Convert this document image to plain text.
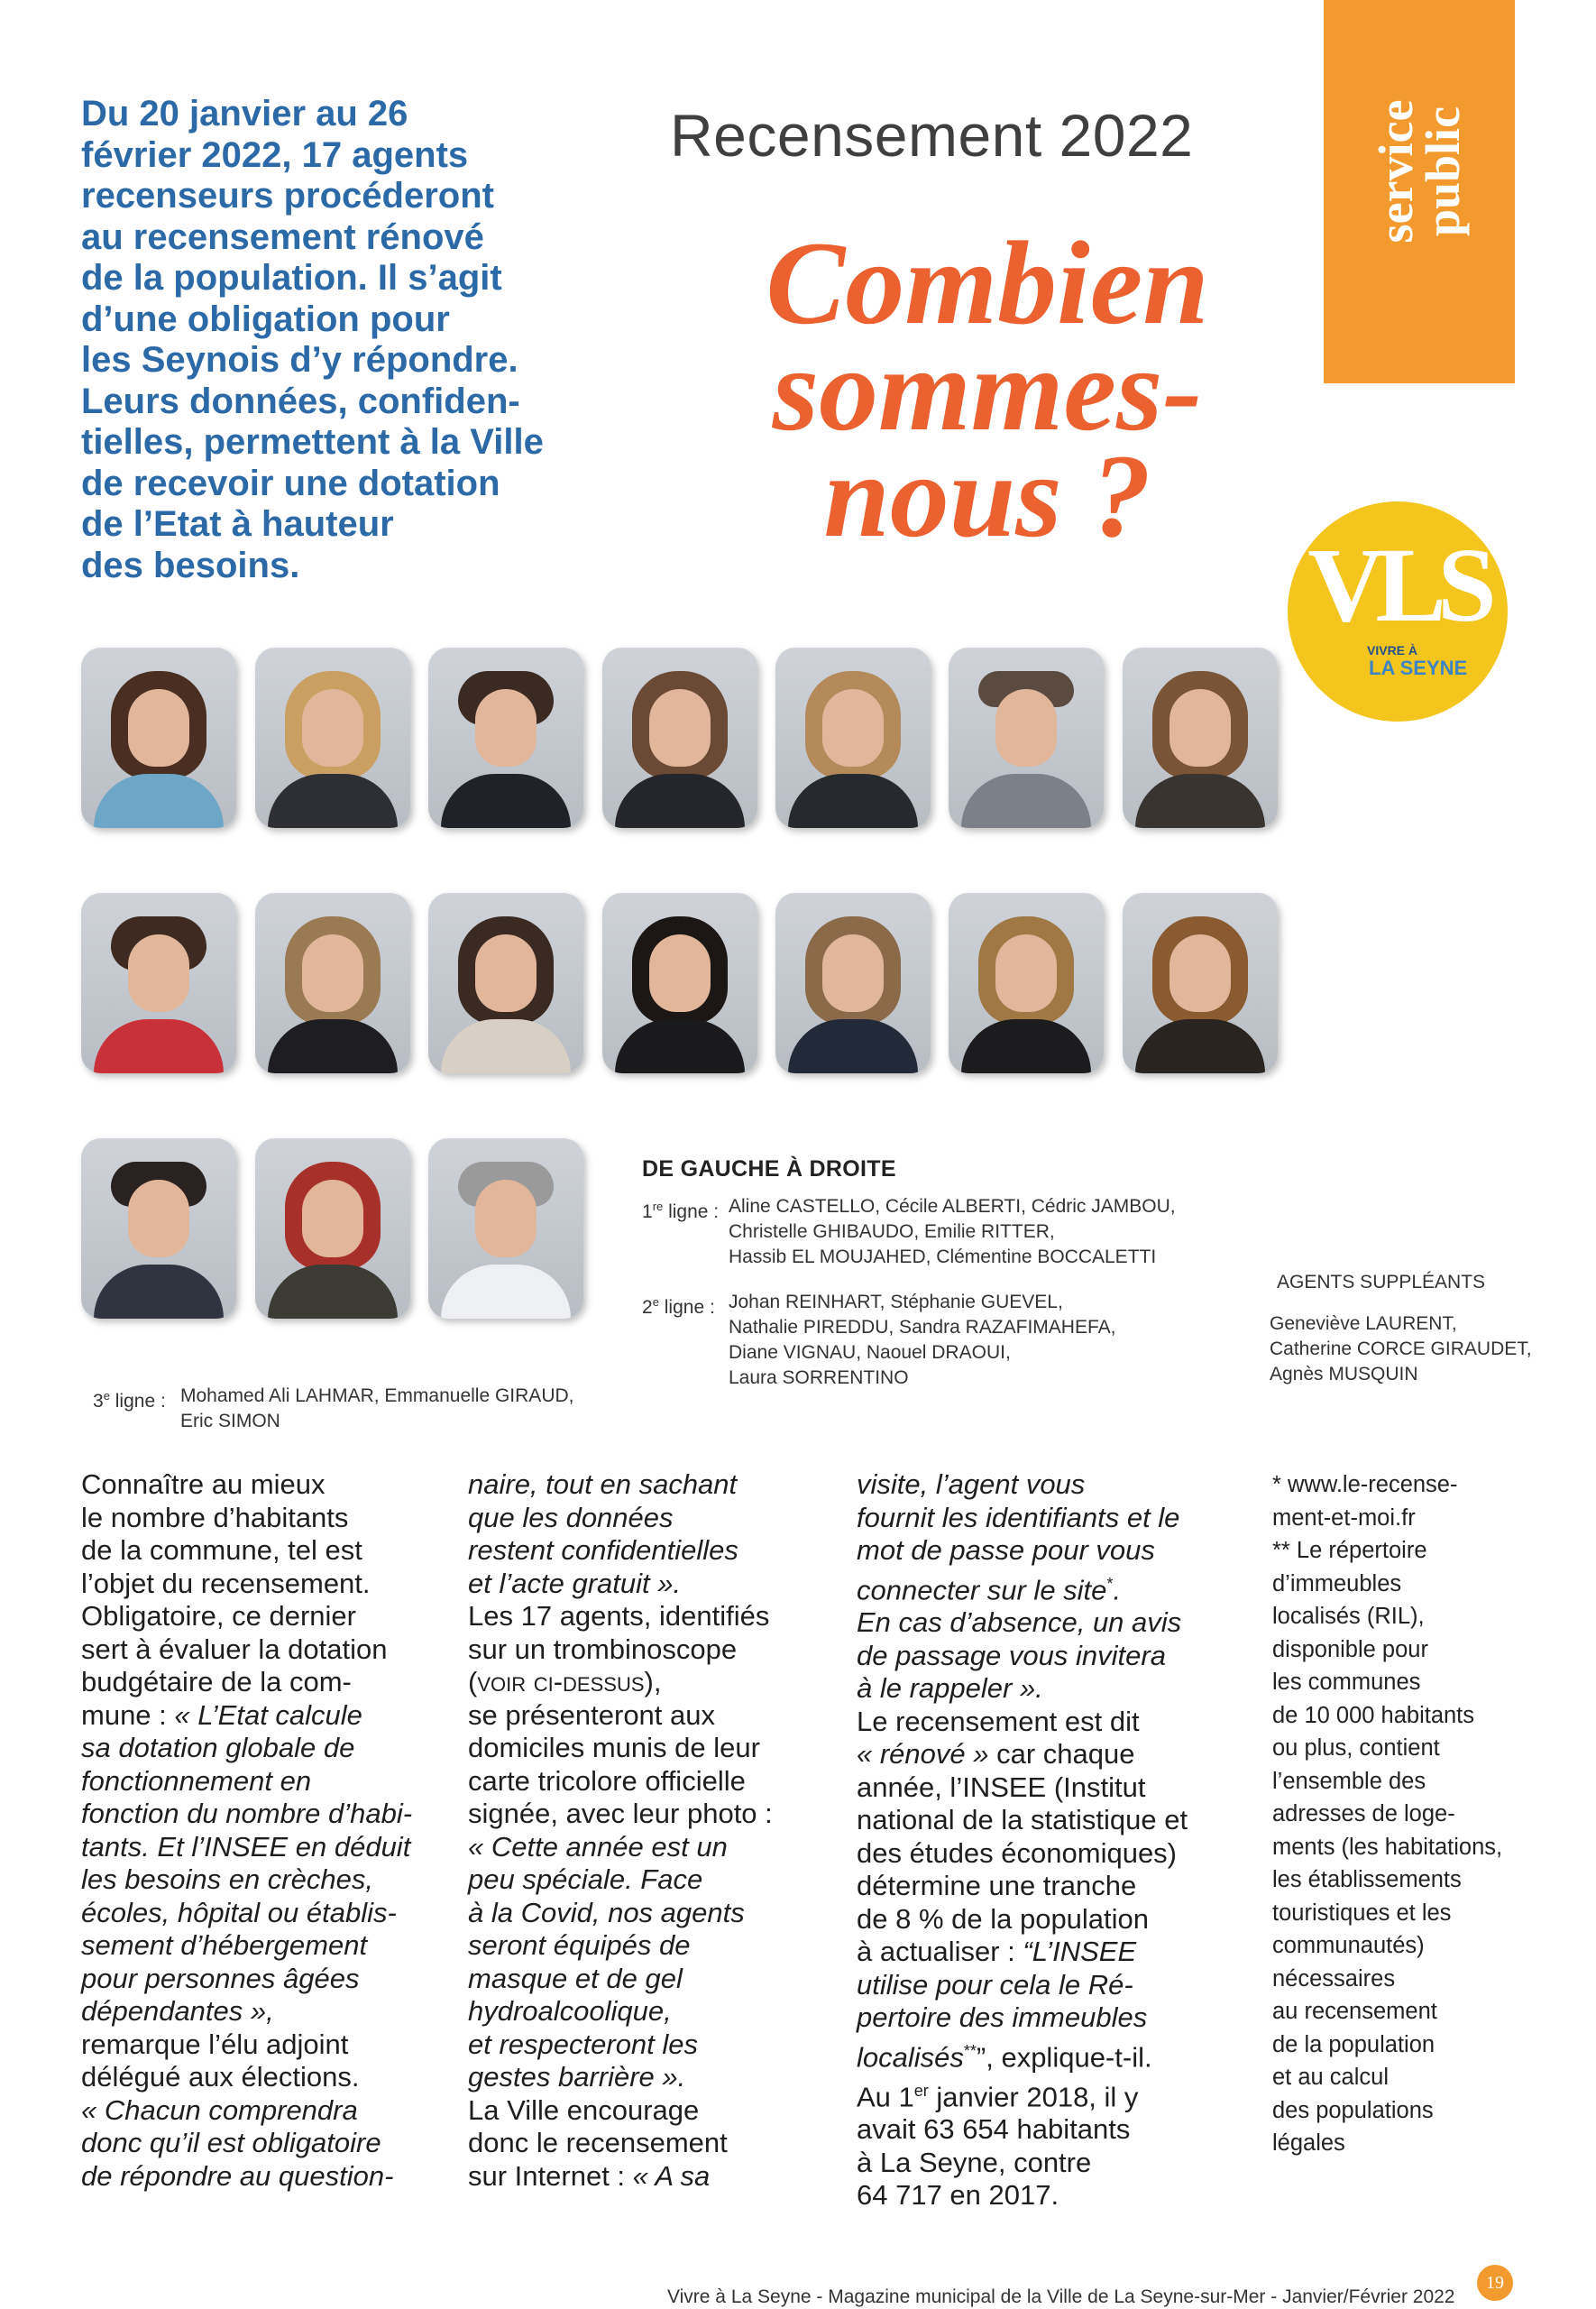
service
public
Du 20 janvier au 26
février 2022, 17 agents
recenseurs procéderont
au recensement rénové
de la population. Il s’agit
d’une obligation pour
les Seynois d’y répondre.
Leurs données, confiden-
tielles, permettent à la Ville
de recevoir une dotation
de l’Etat à hauteur
des besoins.
Recensement 2022
Combien
sommes-
nous ?
VLS
VIVRE À
LA SEYNE
DE GAUCHE À DROITE
1re ligne : Aline CASTELLO, Cécile ALBERTI, Cédric JAMBOU,
Christelle GHIBAUDO, Emilie RITTER,
Hassib EL MOUJAHED, Clémentine BOCCALETTI
2e ligne : Johan REINHART, Stéphanie GUEVEL,
Nathalie PIREDDU, Sandra RAZAFIMAHEFA,
Diane VIGNAU, Naouel DRAOUI,
Laura SORRENTINO
3e ligne : Mohamed Ali LAHMAR, Emmanuelle GIRAUD,
Eric SIMON
AGENTS SUPPLÉANTS
Geneviève LAURENT,
Catherine CORCE GIRAUDET,
Agnès MUSQUIN
Connaître au mieux
le nombre d’habitants
de la commune, tel est
l’objet du recensement.
Obligatoire, ce dernier
sert à évaluer la dotation
budgétaire de la com-
mune : « L’Etat calcule
sa dotation globale de
fonctionnement en
fonction du nombre d’habi-
tants. Et l’INSEE en déduit
les besoins en crèches,
écoles, hôpital ou établis-
sement d’hébergement
pour personnes âgées
dépendantes »,
remarque l’élu adjoint
délégué aux élections.
« Chacun comprendra
donc qu’il est obligatoire
de répondre au question-
naire, tout en sachant
que les données
restent confidentielles
et l’acte gratuit ».
Les 17 agents, identifiés
sur un trombinoscope
(voir ci-dessus),
se présenteront aux
domiciles munis de leur
carte tricolore officielle
signée, avec leur photo :
« Cette année est un
peu spéciale. Face
à la Covid, nos agents
seront équipés de
masque et de gel
hydroalcoolique,
et respecteront les
gestes barrière ».
La Ville encourage
donc le recensement
sur Internet : « A sa
visite, l’agent vous
fournit les identifiants et le
mot de passe pour vous
connecter sur le site*.
En cas d’absence, un avis
de passage vous invitera
à le rappeler ».
Le recensement est dit
« rénové » car chaque
année, l’INSEE (Institut
national de la statistique et
des études économiques)
détermine une tranche
de 8 % de la population
à actualiser : “L’INSEE
utilise pour cela le Ré-
pertoire des immeubles
localisés**”, explique-t-il.
Au 1er janvier 2018, il y
avait 63 654 habitants
à La Seyne, contre
64 717 en 2017.
* www.le-recense-
ment-et-moi.fr
** Le répertoire
d’immeubles
localisés (RIL),
disponible pour
les communes
de 10 000 habitants
ou plus, contient
l’ensemble des
adresses de loge-
ments (les habitations,
les établissements
touristiques et les
communautés)
nécessaires
au recensement
de la population
et au calcul
des populations
légales
Vivre à La Seyne - Magazine municipal de la Ville de La Seyne-sur-Mer - Janvier/Février 2022
19
